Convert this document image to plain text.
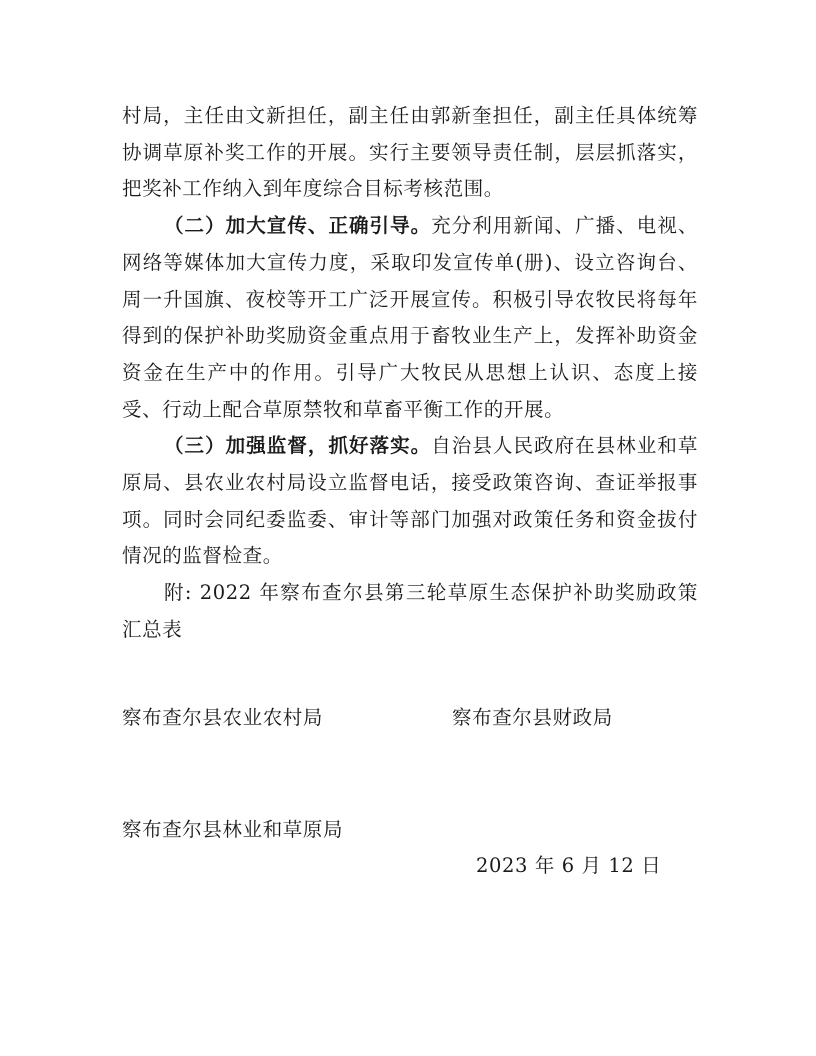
村局，主任由文新担任，副主任由郭新奎担任，副主任具体统筹协调草原补奖工作的开展。实行主要领导责任制，层层抓落实，把奖补工作纳入到年度综合目标考核范围。

（二）加大宣传、正确引导。充分利用新闻、广播、电视、网络等媒体加大宣传力度，采取印发宣传单(册)、设立咨询台、周一升国旗、夜校等开工广泛开展宣传。积极引导农牧民将每年得到的保护补助奖励资金重点用于畜牧业生产上，发挥补助资金资金在生产中的作用。引导广大牧民从思想上认识、态度上接受、行动上配合草原禁牧和草畜平衡工作的开展。

（三）加强监督，抓好落实。自治县人民政府在县林业和草原局、县农业农村局设立监督电话，接受政策咨询、查证举报事项。同时会同纪委监委、审计等部门加强对政策任务和资金拔付情况的监督检查。

附: 2022 年察布查尔县第三轮草原生态保护补助奖励政策汇总表

察布查尔县农业农村局	察布查尔县财政局
察布查尔县林业和草原局
2023 年 6 月 12 日
